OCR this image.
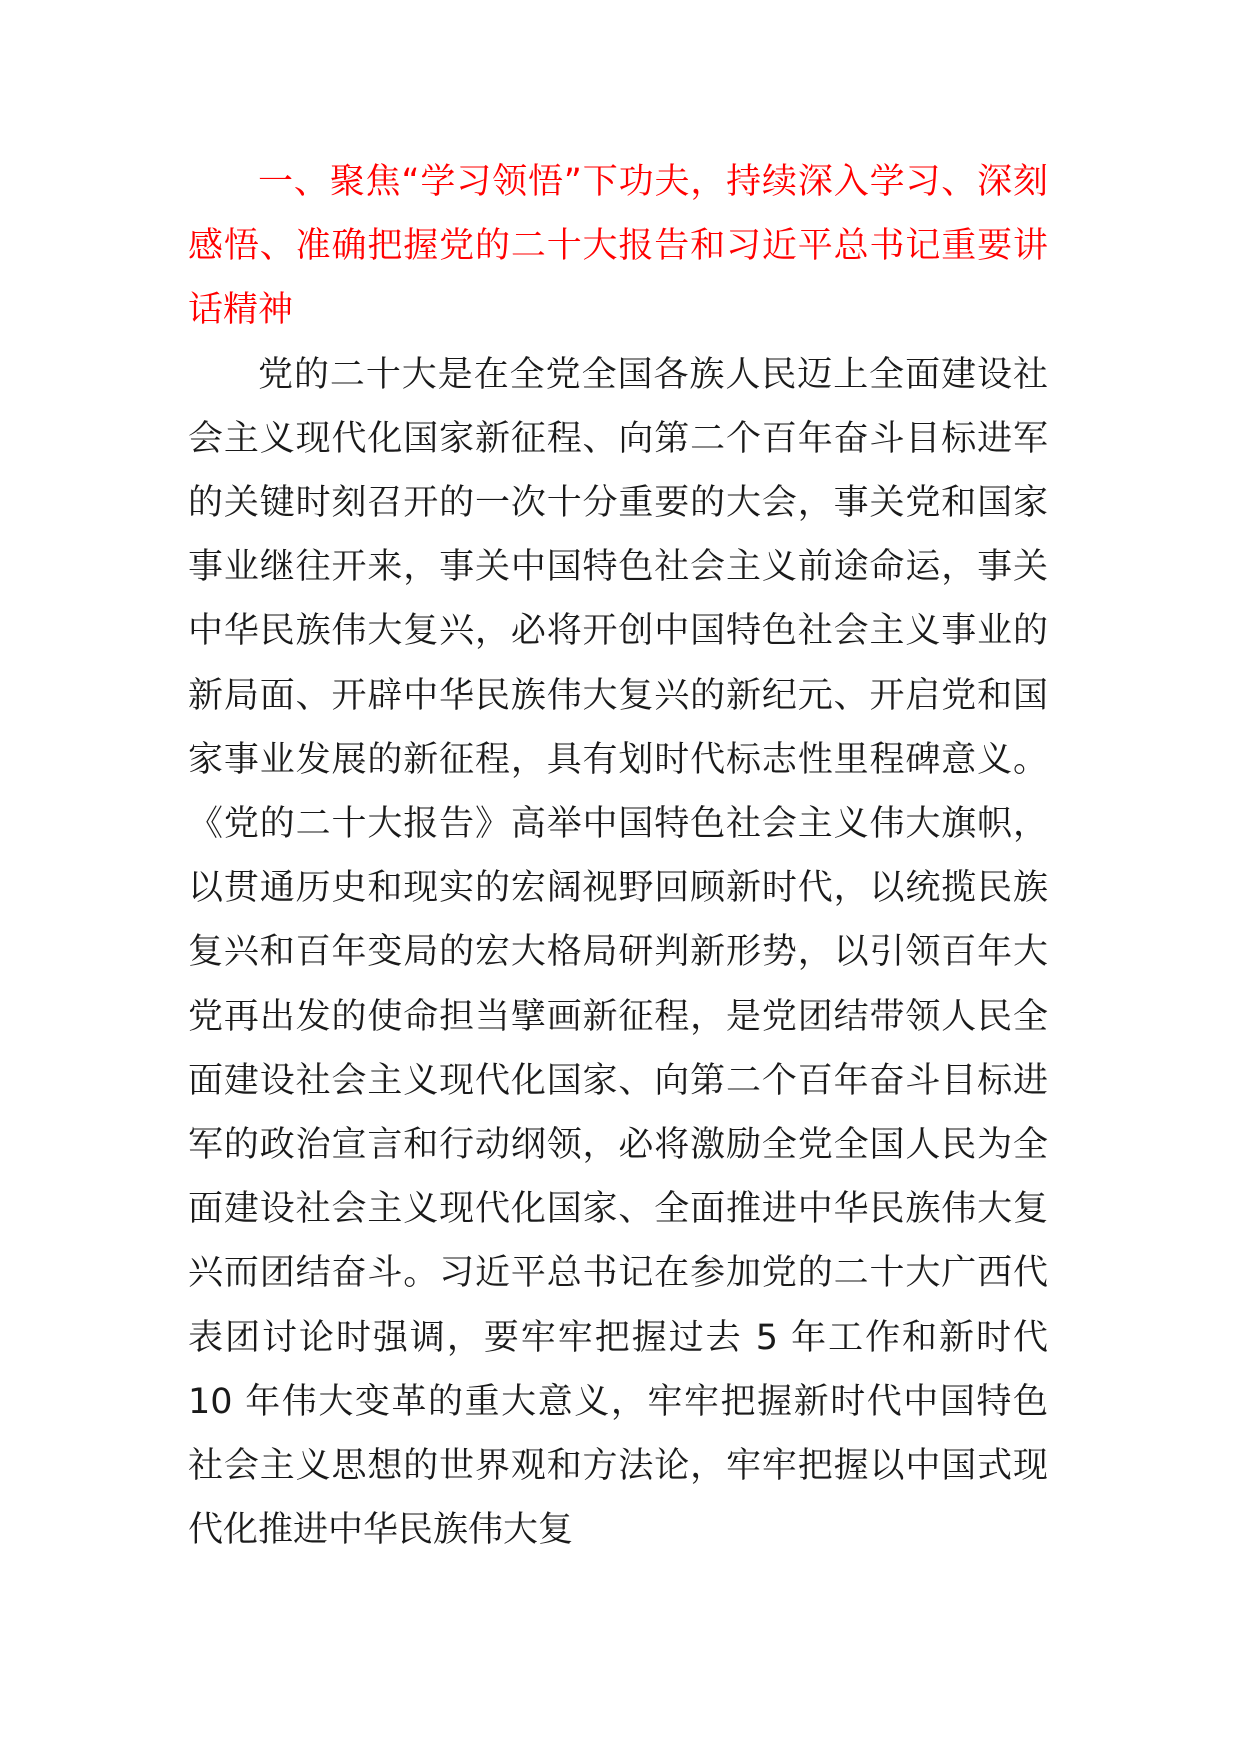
一、聚焦“学习领悟”下功夫，持续深入学习、深刻感悟、准确把握党的二十大报告和习近平总书记重要讲话精神

党的二十大是在全党全国各族人民迈上全面建设社会主义现代化国家新征程、向第二个百年奋斗目标进军的关键时刻召开的一次十分重要的大会，事关党和国家事业继往开来，事关中国特色社会主义前途命运，事关中华民族伟大复兴，必将开创中国特色社会主义事业的新局面、开辟中华民族伟大复兴的新纪元、开启党和国家事业发展的新征程，具有划时代标志性里程碑意义。《党的二十大报告》高举中国特色社会主义伟大旗帜，以贯通历史和现实的宏阔视野回顾新时代，以统揽民族复兴和百年变局的宏大格局研判新形势，以引领百年大党再出发的使命担当擘画新征程，是党团结带领人民全面建设社会主义现代化国家、向第二个百年奋斗目标进军的政治宣言和行动纲领，必将激励全党全国人民为全面建设社会主义现代化国家、全面推进中华民族伟大复兴而团结奋斗。习近平总书记在参加党的二十大广西代表团讨论时强调，要牢牢把握过去 5 年工作和新时代 10 年伟大变革的重大意义，牢牢把握新时代中国特色社会主义思想的世界观和方法论，牢牢把握以中国式现代化推进中华民族伟大复
